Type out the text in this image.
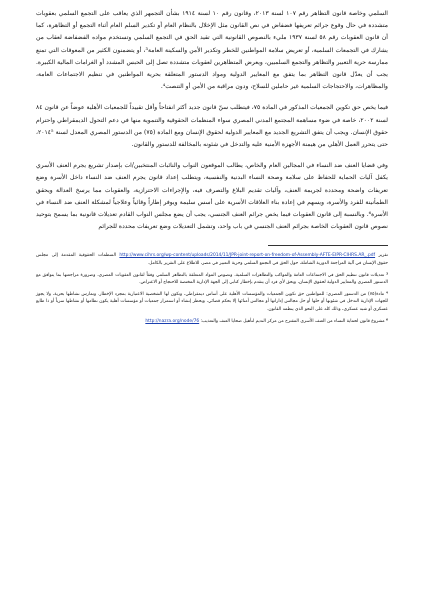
السلمي وخاصة قانون التظاهر رقم ١٠٧ لسنة ٢٠١٣، وقانون رقم ١٠ لسنة ١٩١٤ بشأن التجمهر الذي يعاقب على التجمع السلمي بعقوبات متشددة في حال وقوع جرائم تعريفها فضفاض في نص القانون مثل الإخلال بالنظام العام أو تكدير السلم العام أثناء التجمع أو التظاهرة، كما أن قانون العقوبات رقم ٥٨ لسنة ١٩٣٧ مليء بالنصوص القانونية التي تقيد الحق في التجمع السلمي وتستخدم مواده الفضفاضة لعقاب من يشارك في التجمعات السلمية، أو تعريض سلامة المواطنين للخطر وتكدير الأمن والسكينة العامة³، أو يتضمنون الكثير من المعوقات التي تمنع ممارسة حرية التعبير والتظاهر والتجمع السلميين، ويعرض المتظاهرين لعقوبات متشددة تصل إلى الحبس المشدد أو الغرامات المالية الكبيرة. يجب أن يعدّل قانون التظاهر بما يتفق مع المعايير الدولية ومواد الدستور المتعلقة بحرية المواطنين في تنظيم الاجتماعات العامة، والمظاهرات، والاحتجاجات السلمية غير حاملين للسلاح، ودون مراقبة من الأمن أو التنصت⁴.

فيما يخص حق تكوين الجمعيات المذكور في المادة ٧٥، فيتطلب سنّ قانون جديد أكثر انفتاحاً وأقل تقييداً للجمعيات الأهلية عوضاً عن قانون ٨٤ لسنة ٢٠٠٢، خاصة في ضوء مساهمة المجتمع المدني المصري سواء المنظمات الحقوقية والتنموية منها في دعم التحول الديمقراطي واحترام حقوق الإنسان. ويجب أن يتفق التشريع الجديد مع المعايير الدولية لحقوق الإنسان ومع المادة (٧٥) من الدستور المصري المعدل لسنة ٢٠١٤⁵، حتى يتحرر العمل الأهلي من هيمنة الأجهزة الأمنية عليه والتدخل في شئونه بالمخالفة للدستور والقانون.

وفي قضايا العنف ضد النساء في المجالين العام والخاص، يطالب الموقعون النواب والنائبات المنتخبين/ات بإصدار تشريع يجرم العنف الأسري يكفل آليات الحماية للحفاظ على سلامة وصحة النساء البدنية والنفسية، ويتطلب إعداد قانون يجرم العنف ضد النساء داخل الأسرة وضع تعريفات واضحة ومحددة لجريمة العنف، وآليات تقديم البلاغ والتصرف فيه، والإجراءات الاحترازية، والعقوبات مما يرسخ العدالة ويحقق الطمأنينة للفرد والأسرة، ويسهم في إعادة بناء العلاقات الأسرية على أسس سليمة ويوفر إطاراً وقائياً وعلاجياً لمشكلة العنف ضد النساء في الأسرة⁶. وبالنسبة إلى قانون العقوبات فيما يخص جرائم العنف الجنسي، يجب أن يضع مجلس النواب القادم تعديلات قانونية بما يسمح بتوحيد نصوص قانون العقوبات الخاصة بجرائم العنف الجنسي في باب واحد، وتشمل التعديلات وضع تعريفات محددة للجرائم

تقرير http://www.cihrs.org/wp-content/uploads/2014/11/JPR-joint-report-on-freedom-of-Assembly-AFTE-EIPR-CIHRS.AR_.pdf المنظمات الحقوقية المقدمة إلى مجلس حقوق الإنسان في آلية المراجعة الدورية الشاملة، حول الحق في التجمع السلمي وحرية التعبير في مصر، للاطلاع على التقرير بالكامل.

³ تعديلات قانون تنظيم الحق في الاجتماعات العامة والمواكب والتظاهرات السلمية، ونصوص المواد المتعلقة بالتظاهر السلمي وفقاً لقانون العقوبات المصري، وضرورة مراجعتها بما يتوافق مع الدستور المصري والمعايير الدولية لحقوق الإنسان، ويحق لأي فرد أن يتقدم بإخطار كتابي إلى الجهة الإدارية المختصة للاحتجاج أو الاعتراض.

⁴ مادة(٧٥) من الدستور المصري: للمواطنين حق تكوين الجمعيات والمؤسسات الأهلية على أساس ديمقراطي، وتكون لها الشخصية الاعتبارية بمجرد الإخطار. وتمارس نشاطها بحرية، ولا يجوز للجهات الإدارية التدخل في شئونها أو حلها أو حل مجالس إداراتها أو مجالس أمنائها إلا بحكم قضائي، ويحظر إنشاء أو استمرار جمعيات أو مؤسسات أهلية يكون نظامها أو نشاطها سرياً أو ذا طابع عسكري أو شبه عسكري، وذلك كله على النحو الذي ينظمه القانون.

⁶ مشروع قانون لحماية النساء من العنف الأسري المقترح من مركز النديم لتأهيل ضحايا العنف والتعذيب: http://nazra.org/node/76
